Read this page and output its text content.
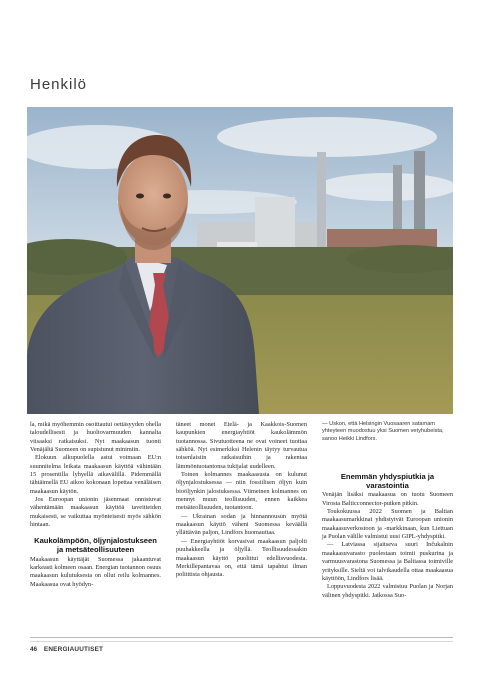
Henkilö

la, mikä myöhemmin osoittautui oettäsyyden ohella taloudellisesti ja huoltovarmuuden kannalta viisaaksi ratkaisuksi. Nyt maakaasun tuonti Venäjältä Suomeen on supistunut minimiin.

Elokuun alkupuolella astui voimaan EU:n suunnitelma leikata maakaasun käyttöä vähintään 15 prosentilla lyhyellä aikavälillä. Pidemmällä tähtäimellä EU aikoo kokonaan lopettaa venäläisen maakaasun käytön.

Jos Euroopan unionin jäsenmaat onnistuvat vähentämään maakaasun käyttöä taveitteiden mukaisesti, se vaikuttaa myönteisesti myös sähkön hintaan.

Kaukolämpöön, öljynjalostukseen ja metsäteollisuuteen

Maakaasun käyttäjät Suomessa jakaantuvat karkeasti kolmeen osaan. Energian tuotannon osuus maakaasun kulutuksesta on ollut reilu kolmannes. Maakaasua ovat hyödyn-

täneet monet Etelä- ja Kaakkois-Suomen kaupunkien energiayhtiöt kaukolämmön tuotannossa. Sivutuotteena ne ovat voineet tuottaa sähköä. Nyt esimerkiksi Helenin täytyy turvautua toisenlaisiin ratkaisuihin ja rakentaa lämmöntuotantonsa tukijalat uudelleen.

Toinen kolmannes maakaasusta on kulunut öljynjalostuksessa — niin fossiilisen öljyn kuin bioöljynkin jalostuksessa. Viimeinen kolmannes on mennyt muun teollisuuden, ennen kaikkea metsäteollisuuden, tuotantoon.

— Ukrainan sodan ja hinnannousun myötä maakaasun käyttö väheni Suomessa keväällä yllättävän paljon, Lindfors huomauttaa.

— Energiayhtiöt korvasivat maakaasun paljolti puuhakkeella ja öljyllä. Teollisuudessakin maakaasun käyttö puolittui edellisvuodesta. Merkillepantavaa on, että tämä tapahtui ilman poliittista ohjausta.

— Uskon, että Helsingin Vuosaaren satamam yhteyteen muodostuu yksi Suomen vetyhubeista, sanoo Heikki Lindfors.

Enemmän yhdyspiutkia ja varastointia

Venäjän lisäksi maakaasua on tuotu Suomeen Virosta Balticconnector-putken pitkin.

Toukokuussa 2022 Suomen ja Baltian maakaasumarkkinat yhdistyivät Euroopan unionin maakaasuverkostoon ja -markkinaan, kun Liettuan ja Puolan välille valmistui uusi GIPL-yhdyspitki.

— Latviassa sijaitseva suuri Inčukalnin maakaasuvarasto puolestaan toimii puskurina ja varmuusvarastona Suomessa ja Baltiassa toimiville yrityksille. Sieltä voi talvikaudella ottaa maakaasua käyttöön, Lindfors lisää.

Loppuvuodesta 2022 valmistuu Puolan ja Norjan välinen yhdyspitki. Jatkossa Suo-

46 ENERGIAUUTISET
